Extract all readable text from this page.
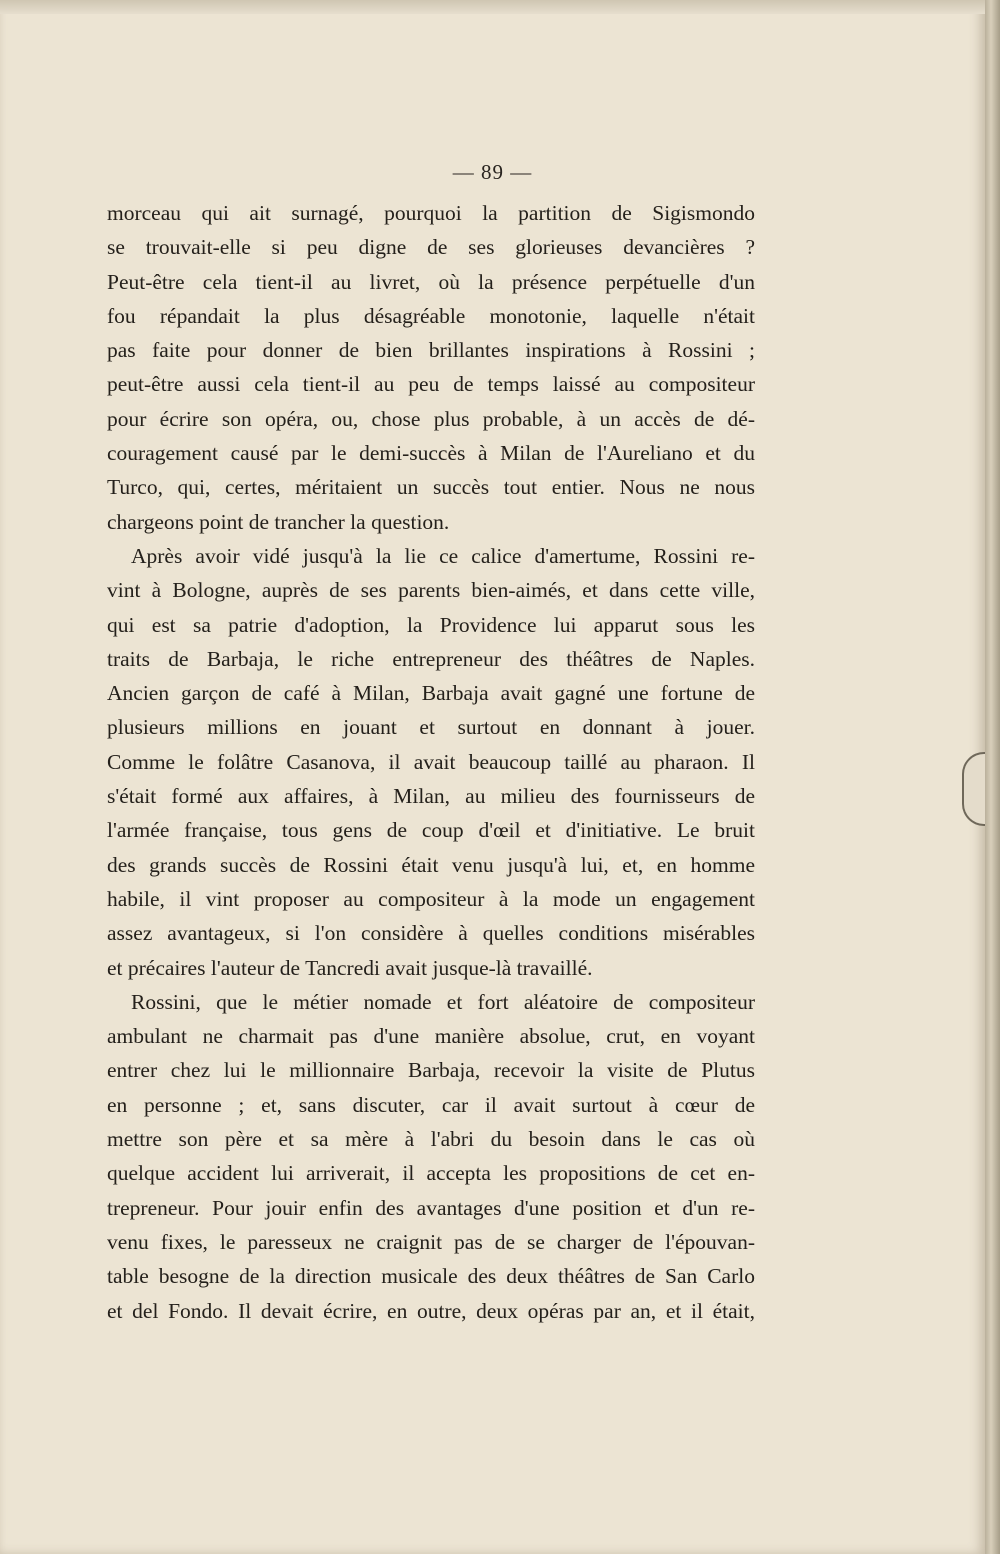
— 89 —
morceau qui ait surnagé, pourquoi la partition de Sigismondo
se trouvait-elle si peu digne de ses glorieuses devancières ?
Peut-être cela tient-il au livret, où la présence perpétuelle d'un
fou répandait la plus désagréable monotonie, laquelle n'était
pas faite pour donner de bien brillantes inspirations à Rossini ;
peut-être aussi cela tient-il au peu de temps laissé au compositeur
pour écrire son opéra, ou, chose plus probable, à un accès de dé-
couragement causé par le demi-succès à Milan de l'Aureliano et du
Turco, qui, certes, méritaient un succès tout entier. Nous ne nous
chargeons point de trancher la question.
Après avoir vidé jusqu'à la lie ce calice d'amertume, Rossini re-
vint à Bologne, auprès de ses parents bien-aimés, et dans cette ville,
qui est sa patrie d'adoption, la Providence lui apparut sous les
traits de Barbaja, le riche entrepreneur des théâtres de Naples.
Ancien garçon de café à Milan, Barbaja avait gagné une fortune de
plusieurs millions en jouant et surtout en donnant à jouer.
Comme le folâtre Casanova, il avait beaucoup taillé au pharaon. Il
s'était formé aux affaires, à Milan, au milieu des fournisseurs de
l'armée française, tous gens de coup d'œil et d'initiative. Le bruit
des grands succès de Rossini était venu jusqu'à lui, et, en homme
habile, il vint proposer au compositeur à la mode un engagement
assez avantageux, si l'on considère à quelles conditions misérables
et précaires l'auteur de Tancredi avait jusque-là travaillé.
Rossini, que le métier nomade et fort aléatoire de compositeur
ambulant ne charmait pas d'une manière absolue, crut, en voyant
entrer chez lui le millionnaire Barbaja, recevoir la visite de Plutus
en personne ; et, sans discuter, car il avait surtout à cœur de
mettre son père et sa mère à l'abri du besoin dans le cas où
quelque accident lui arriverait, il accepta les propositions de cet en-
trepreneur. Pour jouir enfin des avantages d'une position et d'un re-
venu fixes, le paresseux ne craignit pas de se charger de l'épouvan-
table besogne de la direction musicale des deux théâtres de San Carlo
et del Fondo. Il devait écrire, en outre, deux opéras par an, et il était,
